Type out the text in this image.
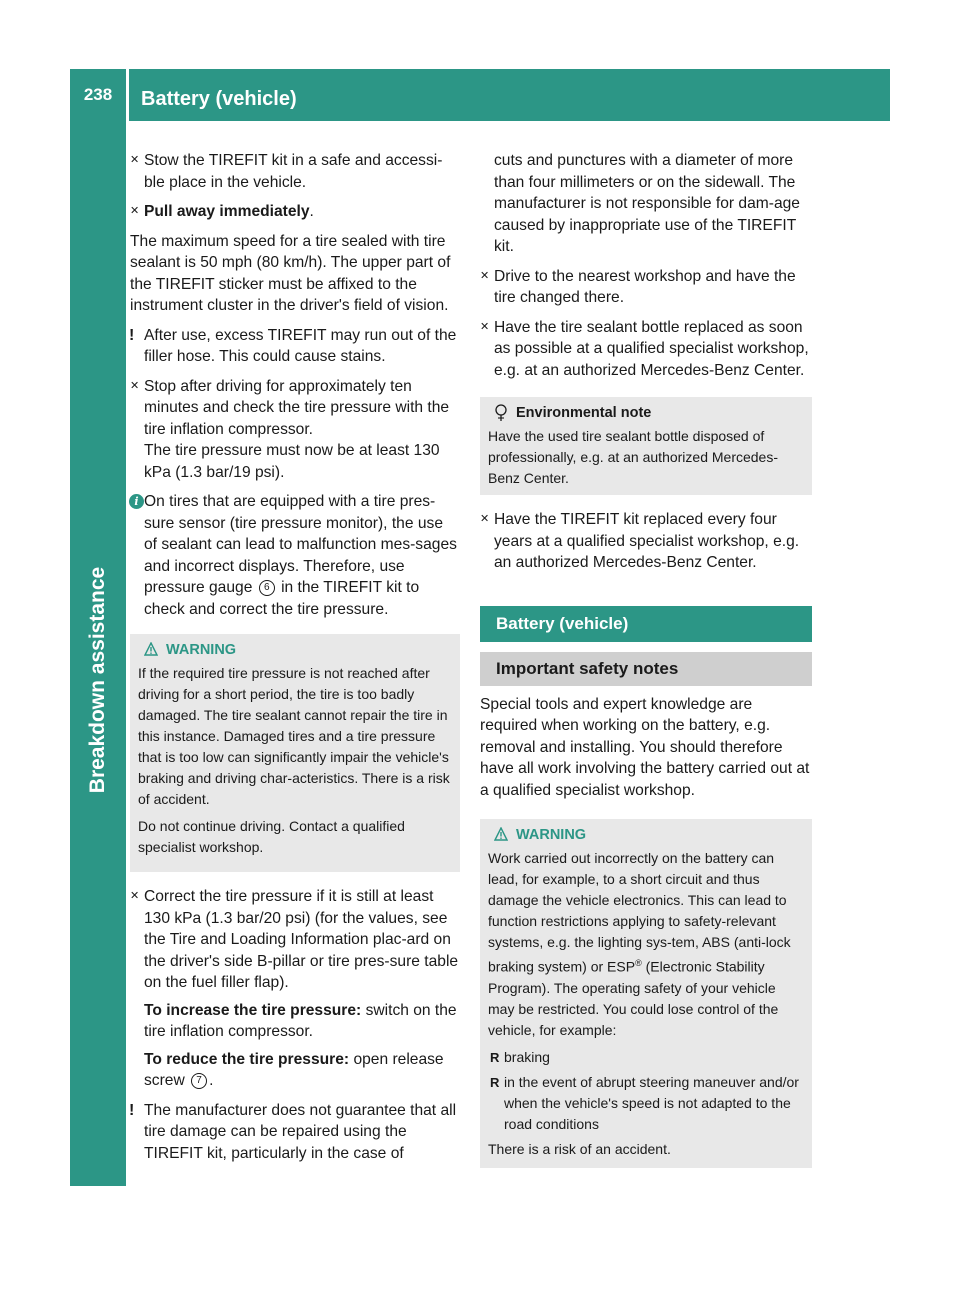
238	Battery (vehicle)
Breakdown assistance
✕ Stow the TIREFIT kit in a safe and accessi-ble place in the vehicle.
✕ Pull away immediately.

The maximum speed for a tire sealed with tire sealant is 50 mph (80 km/h). The upper part of the TIREFIT sticker must be affixed to the instrument cluster in the driver's field of vision.

! After use, excess TIREFIT may run out of the filler hose. This could cause stains.
✕ Stop after driving for approximately ten minutes and check the tire pressure with the tire inflation compressor.
The tire pressure must now be at least 130 kPa (1.3 bar/19 psi).
i On tires that are equipped with a tire pres-sure sensor (tire pressure monitor), the use of sealant can lead to malfunction mes-sages and incorrect displays. Therefore, use pressure gauge 6 in the TIREFIT kit to check and correct the tire pressure.
WARNING

If the required tire pressure is not reached after driving for a short period, the tire is too badly damaged. The tire sealant cannot repair the tire in this instance. Damaged tires and a tire pressure that is too low can significantly impair the vehicle's braking and driving char-acteristics. There is a risk of accident.

Do not continue driving. Contact a qualified specialist workshop.

✕ Correct the tire pressure if it is still at least 130 kPa (1.3 bar/20 psi) (for the values, see the Tire and Loading Information plac-ard on the driver's side B-pillar or tire pres-sure table on the fuel filler flap).
To increase the tire pressure: switch on the tire inflation compressor.
To reduce the tire pressure: open release screw 7 .
! The manufacturer does not guarantee that all tire damage can be repaired using the TIREFIT kit, particularly in the case of

cuts and punctures with a diameter of more than four millimeters or on the sidewall. The manufacturer is not responsible for dam-age caused by inappropriate use of the TIREFIT kit.

✕ Drive to the nearest workshop and have the tire changed there.
✕ Have the tire sealant bottle replaced as soon as possible at a qualified specialist workshop, e.g. at an authorized Mercedes-Benz Center.
Environmental note
Have the used tire sealant bottle disposed of professionally, e.g. at an authorized Mercedes-Benz Center.
✕ Have the TIREFIT kit replaced every four years at a qualified specialist workshop, e.g. an authorized Mercedes-Benz Center.
Battery (vehicle)
Important safety notes

Special tools and expert knowledge are required when working on the battery, e.g. removal and installing. You should therefore have all work involving the battery carried out at a qualified specialist workshop.

WARNING

Work carried out incorrectly on the battery can lead, for example, to a short circuit and thus damage the vehicle electronics. This can lead to function restrictions applying to safety-relevant systems, e.g. the lighting sys-tem, ABS (anti-lock braking system) or ESP® (Electronic Stability Program). The operating safety of your vehicle may be restricted. You could lose control of the vehicle, for example:

R braking
R in the event of abrupt steering maneuver and/or when the vehicle's speed is not adapted to the road conditions

There is a risk of an accident.
